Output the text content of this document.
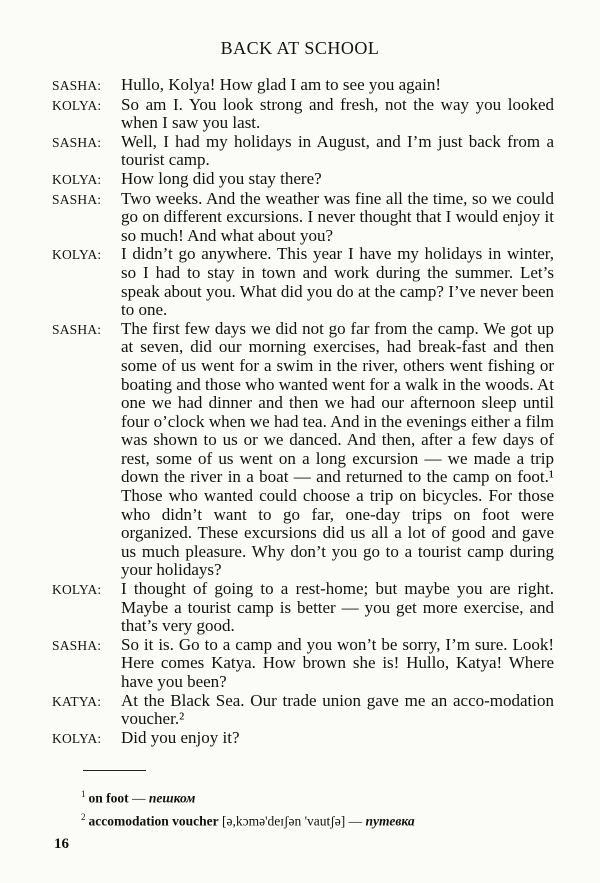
BACK AT SCHOOL
SASHA:	Hullo, Kolya! How glad I am to see you again!
KOLYA:	So am I. You look strong and fresh, not the way you looked when I saw you last.
SASHA:	Well, I had my holidays in August, and I’m just back from a tourist camp.
KOLYA:	How long did you stay there?
SASHA:	Two weeks. And the weather was fine all the time, so we could go on different excursions. I never thought that I would enjoy it so much! And what about you?
KOLYA:	I didn’t go anywhere. This year I have my holidays in winter, so I had to stay in town and work during the summer. Let’s speak about you. What did you do at the camp? I’ve never been to one.
SASHA:	The first few days we did not go far from the camp. We got up at seven, did our morning exercises, had break-fast and then some of us went for a swim in the river, others went fishing or boating and those who wanted went for a walk in the woods. At one we had dinner and then we had our afternoon sleep until four o’clock when we had tea. And in the evenings either a film was shown to us or we danced. And then, after a few days of rest, some of us went on a long excursion — we made a trip down the river in a boat — and returned to the camp on foot.¹ Those who wanted could choose a trip on bicycles. For those who didn’t want to go far, one-day trips on foot were organized. These excursions did us all a lot of good and gave us much pleasure. Why don’t you go to a tourist camp during your holidays?
KOLYA:	I thought of going to a rest-home; but maybe you are right. Maybe a tourist camp is better — you get more exercise, and that’s very good.
SASHA:	So it is. Go to a camp and you won’t be sorry, I’m sure. Look! Here comes Katya. How brown she is! Hullo, Katya! Where have you been?
KATYA:	At the Black Sea. Our trade union gave me an acco-modation voucher.²
KOLYA:	Did you enjoy it?
$^1$ on foot — пешком
$^2$ accomodation voucher [ə,kɔmə'deɪʃən 'vautʃə] — путевка
16
